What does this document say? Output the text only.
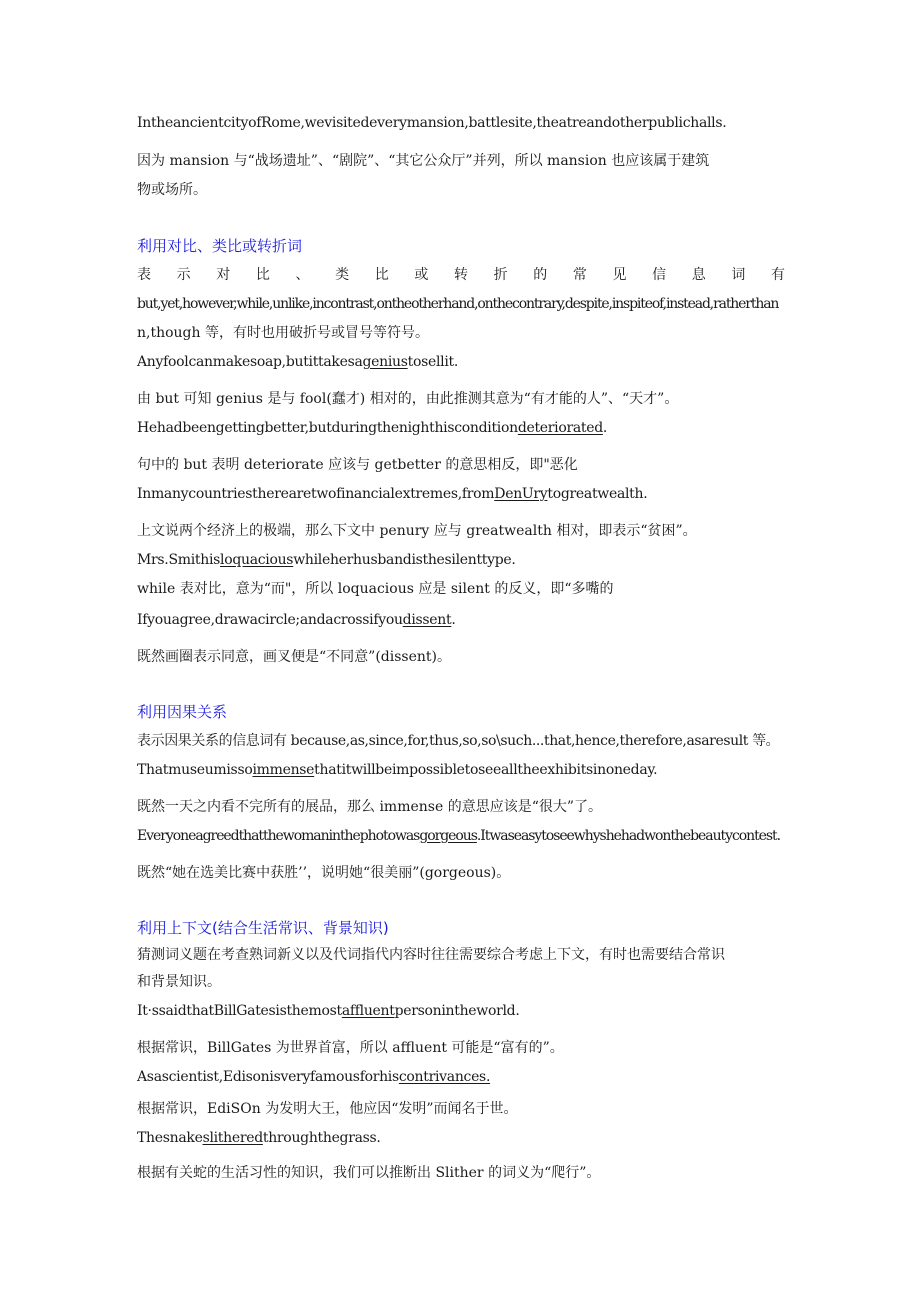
IntheancientcityofRome,wevisitedeverymansion,battlesite,theatreandotherpublichalls.
因为 mansion 与“战场遗址”、“剧院”、“其它公众厅”并列，所以 mansion 也应该属于建筑
物或场所。
利用对比、类比或转折词
表 示 对 比 、 类 比 或 转 折 的 常 见 信 息 词 有
but,yet,however,while,unlike,incontrast,ontheotherhand,onthecontrary,despite,inspiteof,instead,ratherthan
n,though 等，有时也用破折号或冒号等符号。
Anyfoolcanmakesoap,butittakesageniustosellit.
由 but 可知 genius 是与 fool(蠢才) 相对的，由此推测其意为“有才能的人”、“天才”。
Hehadbeengettingbetter,butduringthenighthisconditiondeteriorated.
句中的 but 表明 deteriorate 应该与 getbetter 的意思相反，即"恶化
Inmanycountriestherearetwofinancialextremes,fromDenUrytogreatwealth.
上文说两个经济上的极端，那么下文中 penury 应与 greatwealth 相对，即表示“贫困”。
Mrs.Smithisloquaciouswhileherhusbandisthesilenttype.
while 表对比，意为“而"，所以 loquacious 应是 silent 的反义，即“多嘴的
Ifyouagree,drawacircle;andacrossifyoudissent.
既然画圈表示同意，画叉便是“不同意”(dissent)。
利用因果关系
表示因果关系的信息词有 because,as,since,for,thus,so,so\such...that,hence,therefore,asaresult 等。
Thatmuseumissoimmensethatitwillbeimpossibletoseealltheexhibitsinoneday.
既然一天之内看不完所有的展品，那么 immense 的意思应该是“很大”了。
Everyoneagreedthatthewomaninthephotowasgorgeous.Itwaseasytoseewhyshehadwonthebeautycontest.
既然“她在选美比赛中获胜’’，说明她“很美丽”(gorgeous)。
利用上下文(结合生活常识、背景知识)
猜测词义题在考查熟词新义以及代词指代内容时往往需要综合考虑上下文，有时也需要结合常识
和背景知识。
It·ssaidthatBillGatesisthemostaffluentpersonintheworld.
根据常识，BillGates 为世界首富，所以 affluent 可能是“富有的”。
Asascientist,Edisonisveryfamousforhiscontrivances.
根据常识，EdiSOn 为发明大王，他应因“发明”而闻名于世。
Thesnakeslitheredthroughthegrass.
根据有关蛇的生活习性的知识，我们可以推断出 Slither 的词义为“爬行”。
